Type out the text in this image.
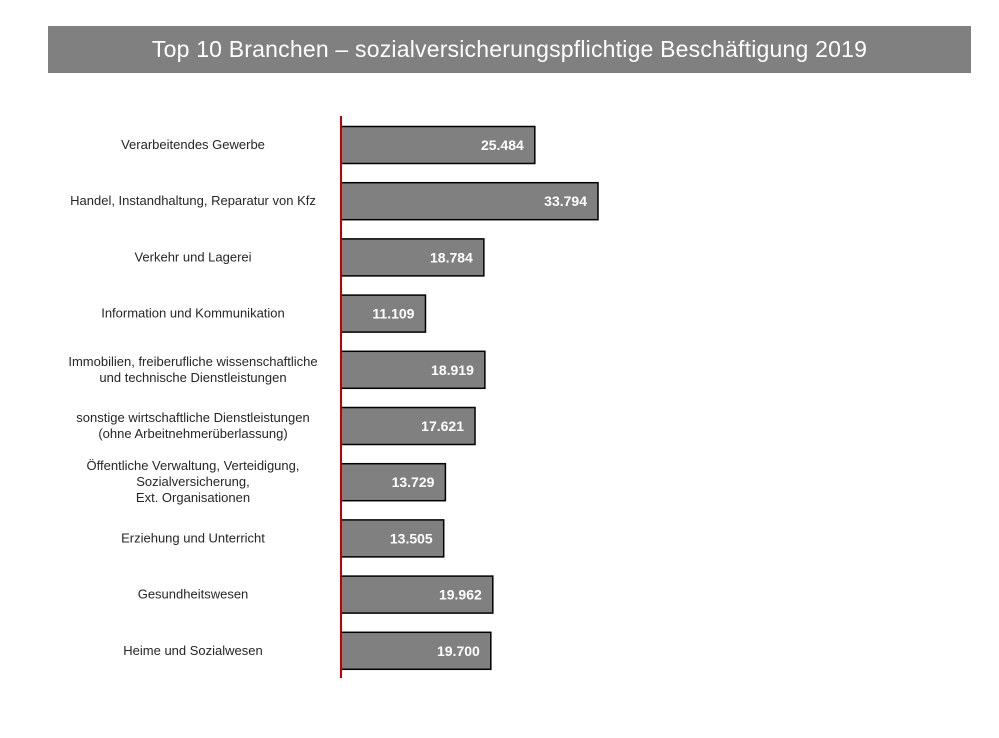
Top 10 Branchen – sozialversicherungspflichtige Beschäftigung 2019
25.484
Verarbeitendes Gewerbe
33.794
Handel, Instandhaltung, Reparatur von Kfz
18.784
Verkehr und Lagerei
11.109
Information und Kommunikation
18.919
Immobilien, freiberufliche wissenschaftliche und technische Dienstleistungen
17.621
sonstige wirtschaftliche Dienstleistungen (ohne Arbeitnehmerüberlassung)
13.729
Öffentliche Verwaltung, Verteidigung, Sozialversicherung, Ext. Organisationen
13.505
Erziehung und Unterricht
19.962
Gesundheitswesen
19.700
Heime und Sozialwesen
